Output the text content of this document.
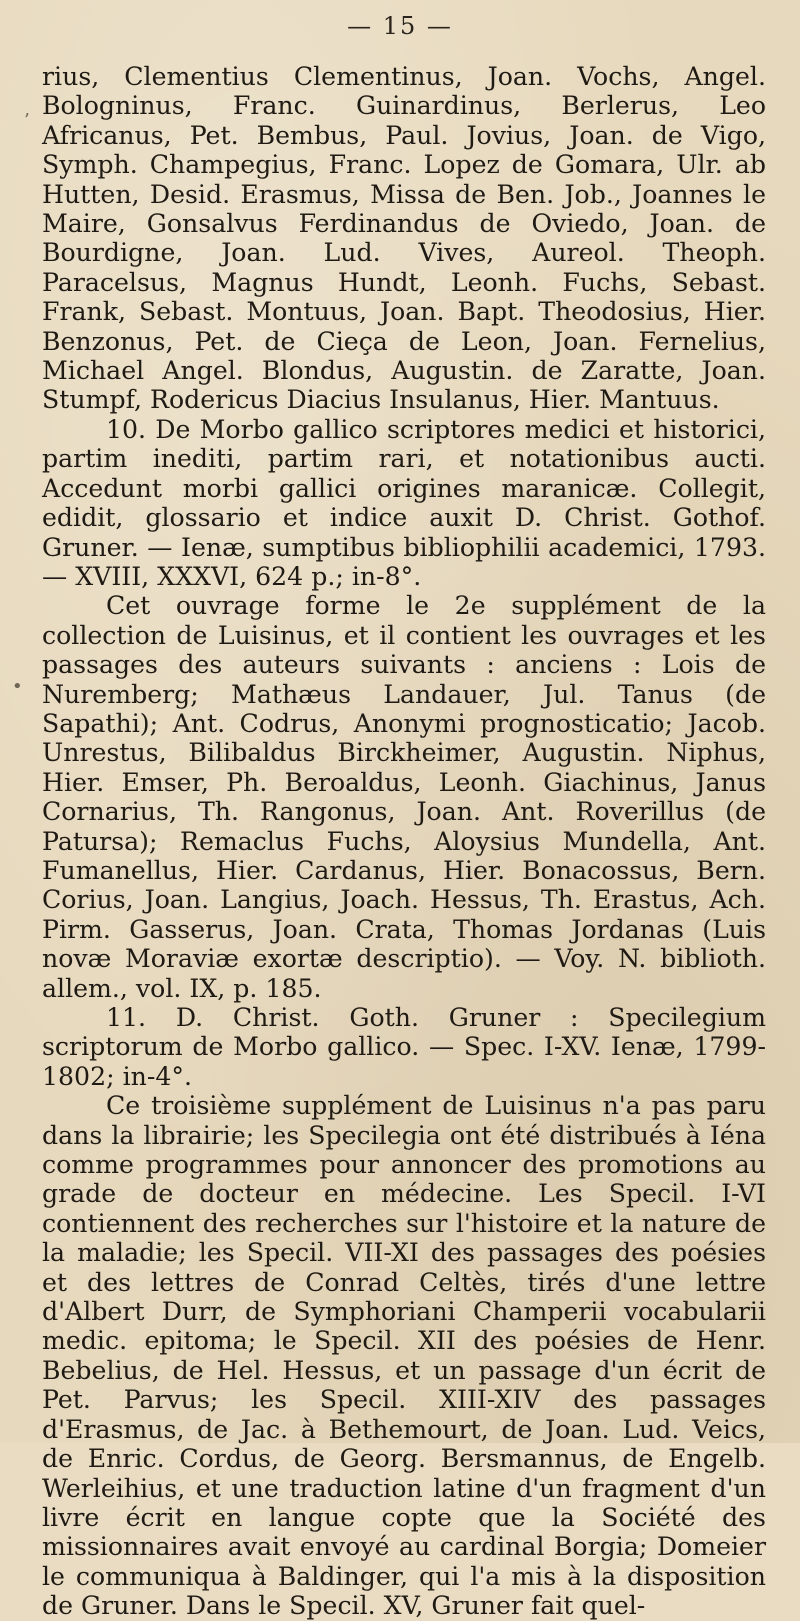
— 15 —
’
•

rius, Clementius Clementinus, Joan. Vochs, Angel. Bologninus, Franc. Guinardinus, Berlerus, Leo Africanus, Pet. Bembus, Paul. Jovius, Joan. de Vigo, Symph. Champegius, Franc. Lopez de Gomara, Ulr. ab Hutten, Desid. Erasmus, Missa de Ben. Job., Joannes le Maire, Gonsalvus Ferdinandus de Oviedo, Joan. de Bourdigne, Joan. Lud. Vives, Aureol. Theoph. Paracelsus, Magnus Hundt, Leonh. Fuchs, Sebast. Frank, Sebast. Montuus, Joan. Bapt. Theodosius, Hier. Benzonus, Pet. de Cieça de Leon, Joan. Fernelius, Michael Angel. Blondus, Augustin. de Zaratte, Joan. Stumpf, Rodericus Diacius Insulanus, Hier. Mantuus.

10. De Morbo gallico scriptores medici et historici, partim inediti, partim rari, et notationibus aucti. Accedunt morbi gallici origines maranicæ. Collegit, edidit, glossario et indice auxit D. Christ. Gothof. Gruner. — Ienæ, sumptibus bibliophilii academici, 1793.— XVIII, XXXVI, 624 p.; in-8°.

Cet ouvrage forme le 2e supplément de la collection de Luisinus, et il contient les ouvrages et les passages des auteurs suivants : anciens : Lois de Nuremberg; Mathæus Landauer, Jul. Tanus (de Sapathi); Ant. Codrus, Anonymi prognosticatio; Jacob. Unrestus, Bilibaldus Birckheimer, Augustin. Niphus, Hier. Emser, Ph. Beroaldus, Leonh. Giachinus, Janus Cornarius, Th. Rangonus, Joan. Ant. Roverillus (de Patursa); Remaclus Fuchs, Aloysius Mundella, Ant. Fumanellus, Hier. Cardanus, Hier. Bonacossus, Bern. Corius, Joan. Langius, Joach. Hessus, Th. Erastus, Ach. Pirm. Gasserus, Joan. Crata, Thomas Jordanas (Luis novæ Moraviæ exortæ descriptio). — Voy. N. biblioth. allem., vol. IX, p. 185.

11. D. Christ. Goth. Gruner : Specilegium scriptorum de Morbo gallico. — Spec. I-XV. Ienæ, 1799-1802; in-4°.

Ce troisième supplément de Luisinus n'a pas paru dans la librairie; les Specilegia ont été distribués à Iéna comme programmes pour annoncer des promotions au grade de docteur en médecine. Les Specil. I-VI contiennent des recherches sur l'histoire et la nature de la maladie; les Specil. VII-XI des passages des poésies et des lettres de Conrad Celtès, tirés d'une lettre d'Albert Durr, de Symphoriani Champerii vocabularii medic. epitoma; le Specil. XII des poésies de Henr. Bebelius, de Hel. Hessus, et un passage d'un écrit de Pet. Parvus; les Specil. XIII-XIV des passages d'Erasmus, de Jac. à Bethemourt, de Joan. Lud. Veics, de Enric. Cordus, de Georg. Bersmannus, de Engelb. Werleihius, et une traduction latine d'un fragment d'un livre écrit en langue copte que la Société des missionnaires avait envoyé au cardinal Borgia; Domeier le communiqua à Baldinger, qui l'a mis à la disposition de Gruner. Dans le Specil. XV, Gruner fait quel-
